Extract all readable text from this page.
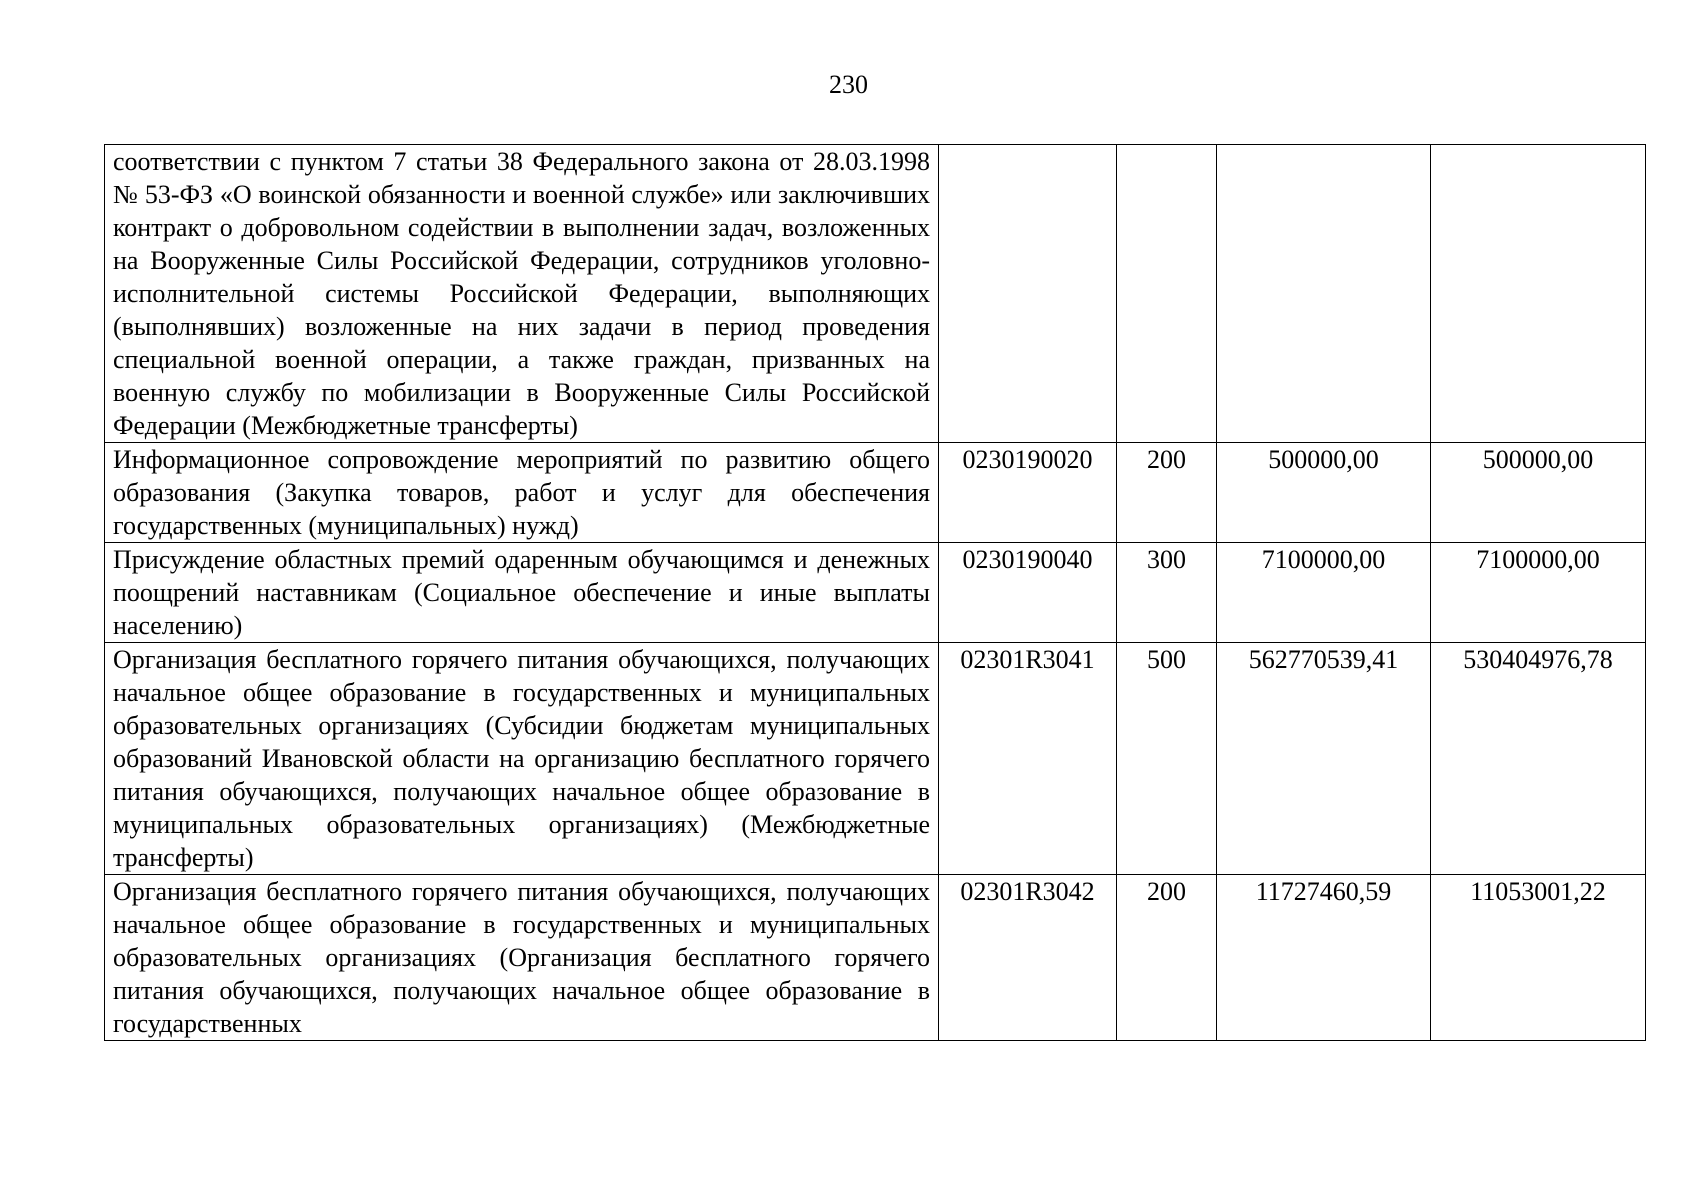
230
соответствии с пунктом 7 статьи 38 Федерального закона от 28.03.1998 № 53-ФЗ «О воинской обязанности и военной службе» или заключивших контракт о добровольном содействии в выполнении задач, возложенных на Вооруженные Силы Российской Федерации, сотрудников уголовно-исполнительной системы Российской Федерации, выполняющих (выполнявших) возложенные на них задачи в период проведения специальной военной операции, а также граждан, призванных на военную службу по мобилизации в Вооруженные Силы Российской Федерации (Межбюджетные трансферты)				
Информационное сопровождение мероприятий по развитию общего образования (Закупка товаров, работ и услуг для обеспечения государственных (муниципальных) нужд)	0230190020	200	500000,00	500000,00
Присуждение областных премий одаренным обучающимся и денежных поощрений наставникам (Социальное обеспечение и иные выплаты населению)	0230190040	300	7100000,00	7100000,00
Организация бесплатного горячего питания обучающихся, получающих начальное общее образование в государственных и муниципальных образовательных организациях (Субсидии бюджетам муниципальных образований Ивановской области на организацию бесплатного горячего питания обучающихся, получающих начальное общее образование в муниципальных образовательных организациях) (Межбюджетные трансферты)	02301R3041	500	562770539,41	530404976,78
Организация бесплатного горячего питания обучающихся, получающих начальное общее образование в государственных и муниципальных образовательных организациях (Организация бесплатного горячего питания обучающихся, получающих начальное общее образование в государственных	02301R3042	200	11727460,59	11053001,22
